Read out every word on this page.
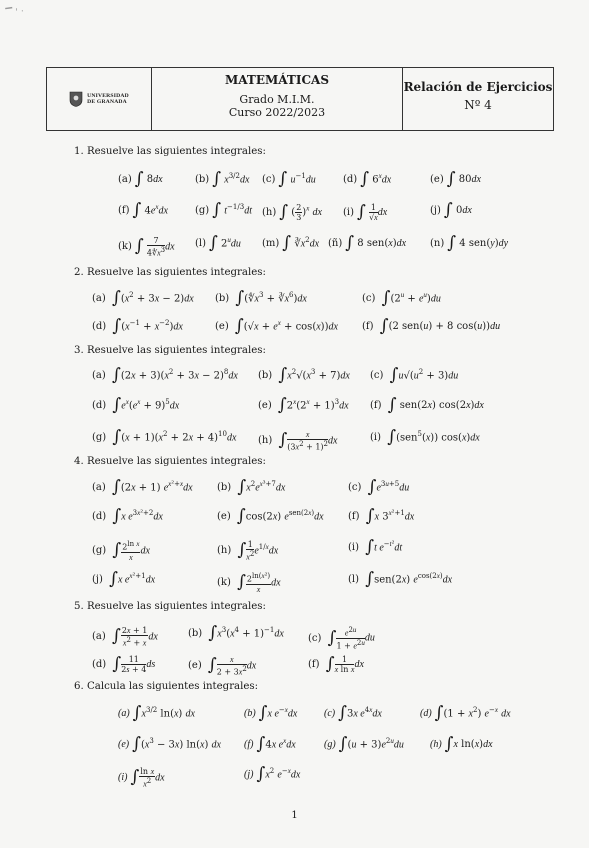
▔ ' ·
UNIVERSIDAD
DE GRANADA
MATEMÁTICAS
Grado M.I.M.
Curso 2022/2023
Relación de Ejercicios
Nº 4
1. Resuelve las siguientes integrales:
(a) ∫ 8dx	(b) ∫ $x^{3/2}dx$ (c) ∫ $u^{-1}du$	(d) ∫ 6$^x$dx	(e) ∫ 80dx
(f) ∫ $4e^xdx$	(g) ∫ $t^{-1/3}dt$ (h) ∫ ( $\frac{2}{3} )^x$ dx (i) ∫ $\frac{1}{√x}$ dx	(j) ∫ 0dx
(k) ∫ $\frac{7}{4∜x^3}$ dx (l) ∫ 2$^u$du (m) ∫ $∛x^2dx$ (ñ) ∫ 8 sen(x)dx (n) ∫ 4 sen(y)dy
2. Resuelve las siguientes integrales:
(a) $\int(x^2 + 3x - 2)dx$ (b) $\int(∜x^3$ + $∛x^6)dx$	(c) $\int(2^u + e^u)du$
(d) $\int(x^{-1} + x^{-2})dx$	(e) $\int(√x + e^x + \cos(x))dx$ (f) ∫(2 sen(u) + 8 cos(u))du
3. Resuelve las siguientes integrales:
(a) $\int(2x + 3)(x^2 + 3x - 2)^8dx$ (b) $\int x^2√(x^3 + 7)dx$ (c) $\int u√(u^2 + 3)du$
(d) $\int e^x(e^x + 9)^5dx$	(e) $\int 2^x(2^x + 1)^3dx$ (f) ∫ sen(2x) cos(2x)dx
(g) $\int(x + 1)(x^2 + 2x + 4)^{10}dx$ (h) ∫ $\frac{x}{(3x^2 + 1)^2}$ dx	(i) ∫(sen$^5$(x)) cos(x)dx
4. Resuelve las siguientes integrales:
(a) ∫(2x + 1) $e^{x^2+x}dx$ (b) $\int x^2e^{x^3+7}dx$	(c) $\int e^{3u+5}du$
(d) ∫x $e^{3x^2+2}dx$	(e) ∫cos(2x) $e^{sen(2x)}dx$ (f) ∫x $3^{x^2+1}dx$
(g) ∫ $\frac{2^{ln x}}{x}$ dx	(h) ∫ $\frac{1}{x^2} e^{1/x}dx$	(i) ∫t $e^{-t^2}dt$
(j) ∫x $e^{x^2+1}dx$	(k) ∫ $\frac{2^{ln(x^2)}}{x}$ dx	(l) ∫sen(2x) $e^{cos(2x)}dx$
5. Resuelve las siguientes integrales:
(a) ∫ $\frac{2x + 1}{x^2 + x}$ dx	(b) $\int x^3(x^4 + 1)^{-1}dx$ (c) ∫ $\frac{e^{2u}}{1 + e^{2u}}$ du
(d) ∫ $\frac{11}{2s + 4}$ ds	(e) ∫ $\frac{x}{2 + 3x^2}$ dx	(f) ∫ $\frac{1}{\text{x ln x}}$ dx
6. Calcula las siguientes integrales:
(a) $\int x^{3/2}$ ln(x) dx	(b) ∫x $e^{-x}dx$	(c) ∫3x $e^{4x}dx$	(d) $\int(1 + x^2)$ $e^{-x}$ dx
(e) $\int(x^3 - 3x)$ ln(x) dx (f) ∫4x $e^xdx$	(g) $\int(u + 3)e^{2u}du$	(h) ∫x ln(x)dx
(i) ∫ $\frac{\text{ln x}}{x^2}$ dx	(j) $\int x^2$ $e^{-x}dx$
1
